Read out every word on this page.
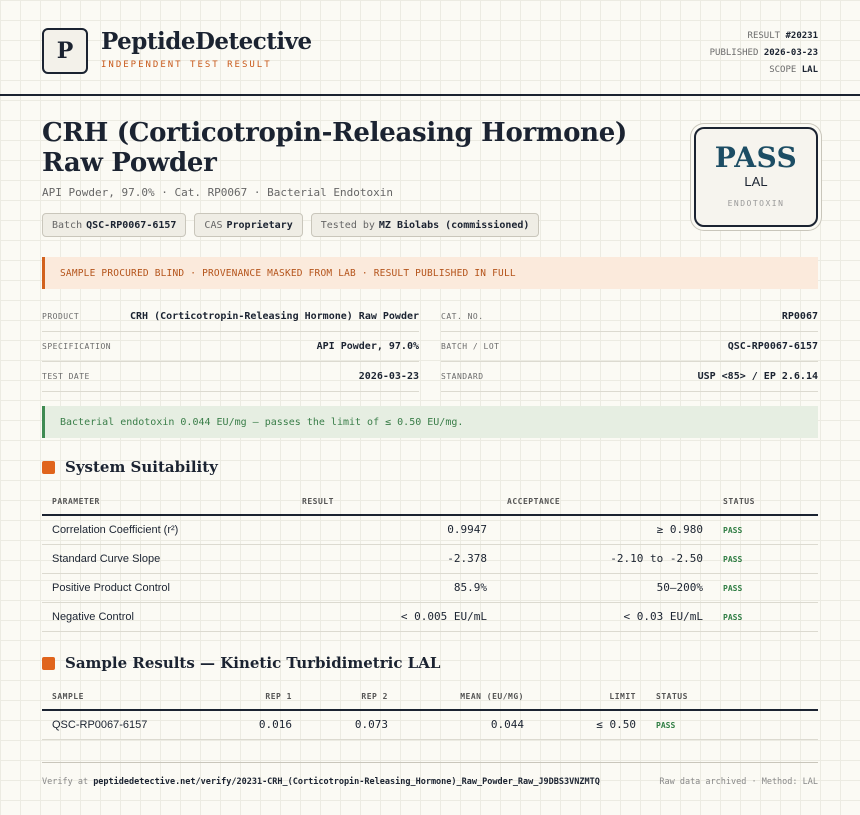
P	PeptideDetective
INDEPENDENT TEST RESULT
RESULT #20231
PUBLISHED 2026-03-23
SCOPE LAL
CRH (Corticotropin-Releasing Hormone) Raw Powder
API Powder, 97.0% · Cat. RP0067 · Bacterial Endotoxin
Batch QSC-RP0067-6157	CAS Proprietary	Tested by MZ Biolabs (commissioned)
PASS
LAL
ENDOTOXIN
SAMPLE PROCURED BLIND · PROVENANCE MASKED FROM LAB · RESULT PUBLISHED IN FULL
PRODUCT	CRH (Corticotropin-Releasing Hormone) Raw Powder	CAT. NO.	RP0067
SPECIFICATION	API Powder, 97.0%	BATCH / LOT	QSC-RP0067-6157
TEST DATE	2026-03-23	STANDARD	USP <85> / EP 2.6.14
Bacterial endotoxin 0.044 EU/mg — passes the limit of ≤ 0.50 EU/mg.
System Suitability
PARAMETER	RESULT	ACCEPTANCE	STATUS
Correlation Coefficient (r²)	0.9947	≥ 0.980	PASS
Standard Curve Slope	-2.378	-2.10 to -2.50	PASS
Positive Product Control	85.9%	50–200%	PASS
Negative Control	< 0.005 EU/mL	< 0.03 EU/mL	PASS
Sample Results — Kinetic Turbidimetric LAL
SAMPLE	REP 1	REP 2	MEAN (EU/MG)	LIMIT	STATUS
QSC-RP0067-6157	0.016	0.073	0.044	≤ 0.50	PASS
Verify at peptidedetective.net/verify/20231-CRH_(Corticotropin-Releasing_Hormone)_Raw_Powder_Raw_J9DBS3VNZMTQ	Raw data archived · Method: LAL
